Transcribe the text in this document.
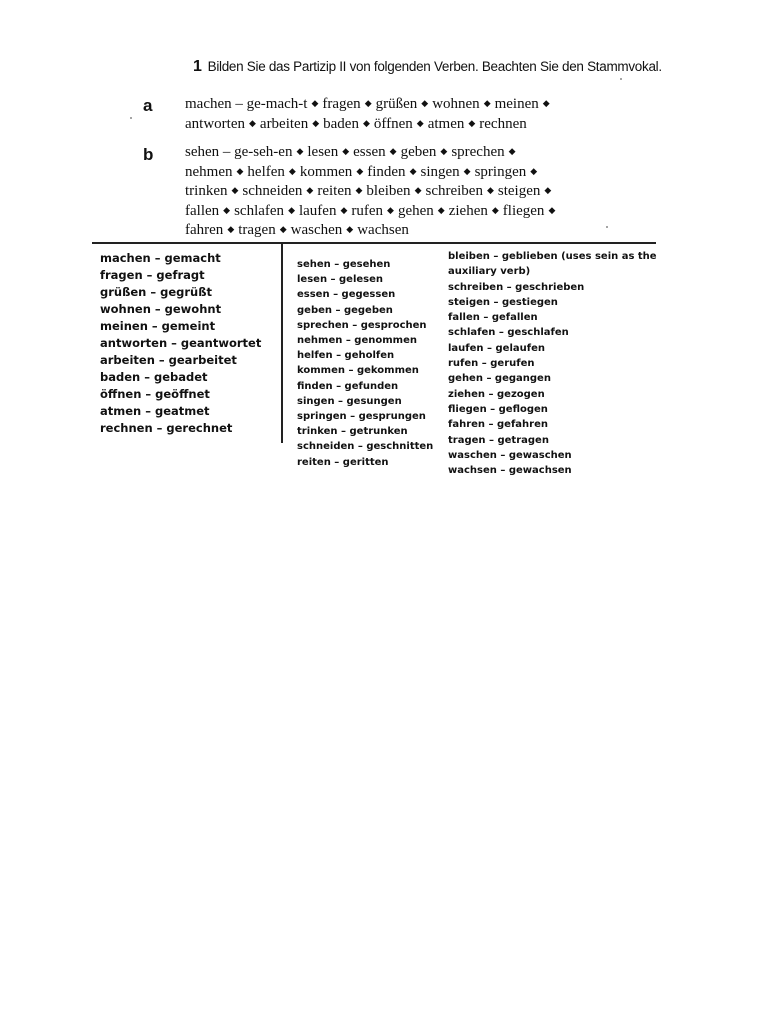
1 Bilden Sie das Partizip II von folgenden Verben. Beachten Sie den Stammvokal.
a
b
machen – ge-mach-t ◆ fragen ◆ grüßen ◆ wohnen ◆ meinen ◆
antworten ◆ arbeiten ◆ baden ◆ öffnen ◆ atmen ◆ rechnen
sehen – ge-seh-en ◆ lesen ◆ essen ◆ geben ◆ sprechen ◆
nehmen ◆ helfen ◆ kommen ◆ finden ◆ singen ◆ springen ◆
trinken ◆ schneiden ◆ reiten ◆ bleiben ◆ schreiben ◆ steigen ◆
fallen ◆ schlafen ◆ laufen ◆ rufen ◆ gehen ◆ ziehen ◆ fliegen ◆
fahren ◆ tragen ◆ waschen ◆ wachsen
machen – gemacht
fragen – gefragt
grüßen – gegrüßt
wohnen – gewohnt
meinen – gemeint
antworten – geantwortet
arbeiten – gearbeitet
baden – gebadet
öffnen – geöffnet
atmen – geatmet
rechnen – gerechnet
sehen – gesehen
lesen – gelesen
essen – gegessen
geben – gegeben
sprechen – gesprochen
nehmen – genommen
helfen – geholfen
kommen – gekommen
finden – gefunden
singen – gesungen
springen – gesprungen
trinken – getrunken
schneiden – geschnitten
reiten – geritten
bleiben – geblieben (uses sein as the
auxiliary verb)
schreiben – geschrieben
steigen – gestiegen
fallen – gefallen
schlafen – geschlafen
laufen – gelaufen
rufen – gerufen
gehen – gegangen
ziehen – gezogen
fliegen – geflogen
fahren – gefahren
tragen – getragen
waschen – gewaschen
wachsen – gewachsen
